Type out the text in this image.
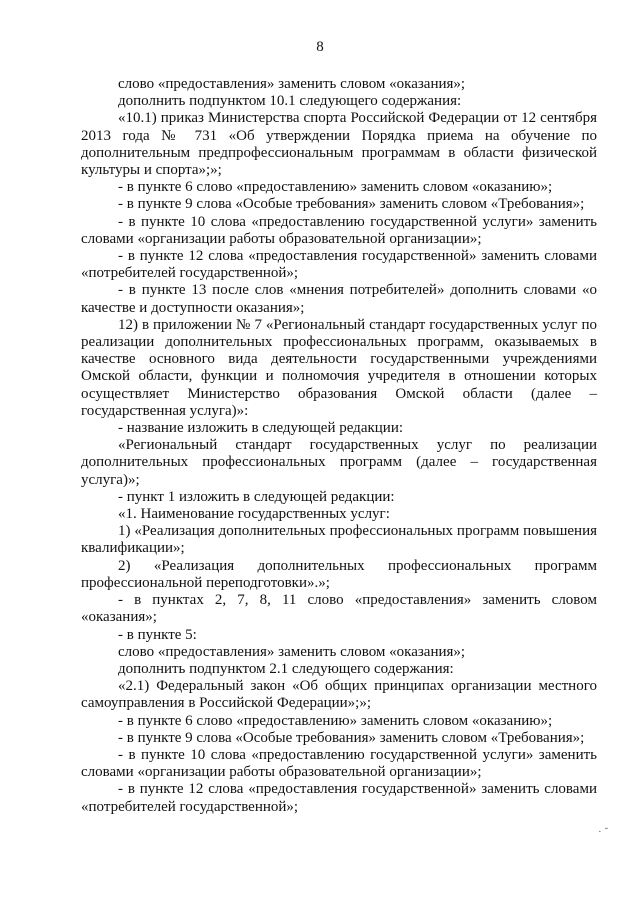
8

слово «предоставления» заменить словом «оказания»;

дополнить подпунктом 10.1 следующего содержания:

«10.1) приказ Министерства спорта Российской Федерации от 12 сентября 2013 года № 731 «Об утверждении Порядка приема на обучение по дополнительным предпрофессиональным программам в области физической культуры и спорта»;»;

- в пункте 6 слово «предоставлению» заменить словом «оказанию»;

- в пункте 9 слова «Особые требования» заменить словом «Требования»;

- в пункте 10 слова «предоставлению государственной услуги» заменить словами «организации работы образовательной организации»;

- в пункте 12 слова «предоставления государственной» заменить словами «потребителей государственной»;

- в пункте 13 после слов «мнения потребителей» дополнить словами «о качестве и доступности оказания»;

12) в приложении № 7 «Региональный стандарт государственных услуг по реализации дополнительных профессиональных программ, оказываемых в качестве основного вида деятельности государственными учреждениями Омской области, функции и полномочия учредителя в отношении которых осуществляет Министерство образования Омской области (далее – государственная услуга)»:

- название изложить в следующей редакции:

«Региональный стандарт государственных услуг по реализации дополнительных профессиональных программ (далее – государственная услуга)»;

- пункт 1 изложить в следующей редакции:

«1. Наименование государственных услуг:

1) «Реализация дополнительных профессиональных программ повышения квалификации»;

2) «Реализация дополнительных профессиональных программ профессиональной переподготовки».»;

- в пунктах 2, 7, 8, 11 слово «предоставления» заменить словом «оказания»;

- в пункте 5:

слово «предоставления» заменить словом «оказания»;

дополнить подпунктом 2.1 следующего содержания:

«2.1) Федеральный закон «Об общих принципах организации местного самоуправления в Российской Федерации»;»;

- в пункте 6 слово «предоставлению» заменить словом «оказанию»;

- в пункте 9 слова «Особые требования» заменить словом «Требования»;

- в пункте 10 слова «предоставлению государственной услуги» заменить словами «организации работы образовательной организации»;

- в пункте 12 слова «предоставления государственной» заменить словами «потребителей государственной»;

·˘
